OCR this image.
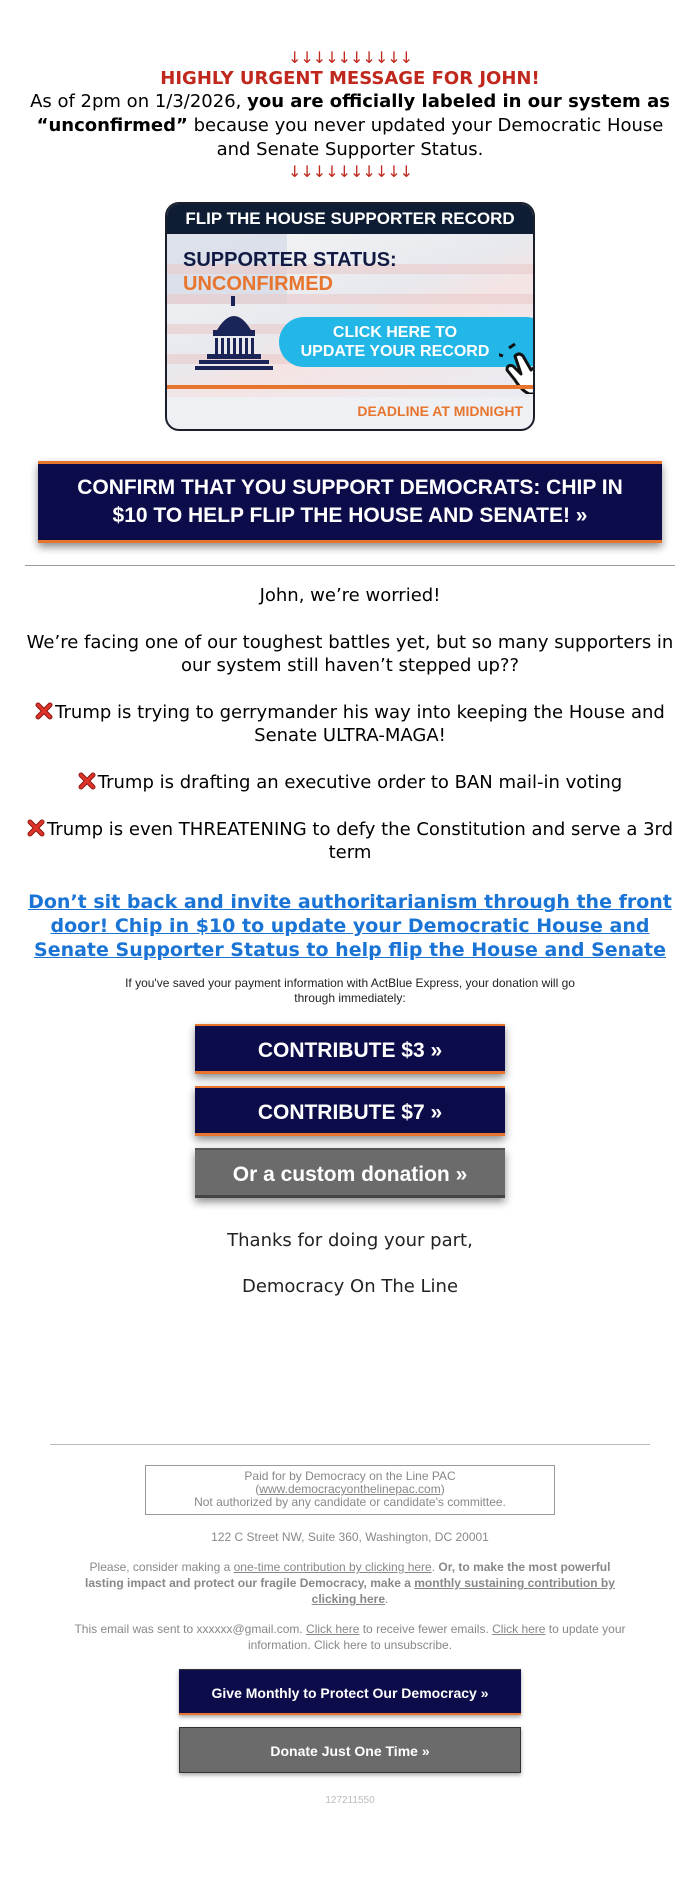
↓↓↓↓↓↓↓↓↓↓
HIGHLY URGENT MESSAGE FOR JOHN!
As of 2pm on 1/3/2026, you are officially labeled in our system as “unconfirmed” because you never updated your Democratic House and Senate Supporter Status.
↓↓↓↓↓↓↓↓↓↓
FLIP THE HOUSE SUPPORTER RECORD
SUPPORTER STATUS:
UNCONFIRMED
CLICK HERE TO
UPDATE YOUR RECORD
DEADLINE AT MIDNIGHT
CONFIRM THAT YOU SUPPORT DEMOCRATS: CHIP IN $10 TO HELP FLIP THE HOUSE AND SENATE! »

John, we’re worried!

We’re facing one of our toughest battles yet, but so many supporters in our system still haven’t stepped up??

Trump is trying to gerrymander his way into keeping the House and Senate ULTRA-MAGA!

Trump is drafting an executive order to BAN mail-in voting

Trump is even THREATENING to defy the Constitution and serve a 3rd term

Don’t sit back and invite authoritarianism through the front door! Chip in $10 to update your Democratic House and Senate Supporter Status to help flip the House and Senate

If you've saved your payment information with ActBlue Express, your donation will go through immediately:

CONTRIBUTE $3 »
CONTRIBUTE $7 »
Or a custom donation »

Thanks for doing your part,

Democracy On The Line

Paid for by Democracy on the Line PAC
(www.democracyonthelinepac.com)
Not authorized by any candidate or candidate's committee.

122 C Street NW, Suite 360, Washington, DC 20001

Please, consider making a one-time contribution by clicking here. Or, to make the most powerful lasting impact and protect our fragile Democracy, make a monthly sustaining contribution by clicking here.

This email was sent to xxxxxx@gmail.com. Click here to receive fewer emails. Click here to update your information. Click here to unsubscribe.

Give Monthly to Protect Our Democracy »
Donate Just One Time »

127211550
